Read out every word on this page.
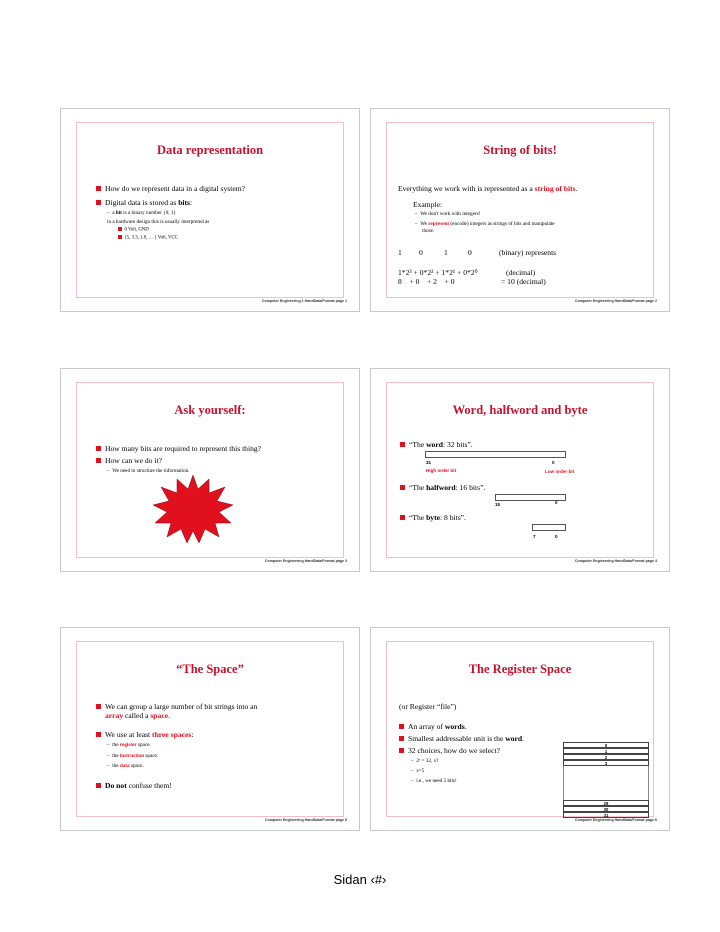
Data representation
How do we represent data in a digital system?
Digital data is stored as bits:
–  a bit is a binary number {0, 1}
in a hardware design this is usually interpreted as
0 Volt, GND
{5, 3.3, 1.8, … } Volt, VCC
Computer Engineering 1 HandData/Format page 1
String of bits!
Everything we work with is represented as a string of bits.
Example:
–  We don't work with integers!
–  We represent (encode) integers as strings of bits and manipulate
those.
1 0	1	0	(binary) represents
1*2³ + 0*2² + 1*2¹ + 0*2⁰	(decimal)
8    + 0    + 2    + 0	= 10 (decimal)
Computer Engineering HandData/Format page 2
Ask yourself:
How many bits are required to represent this thing?
How can we do it?
–  We need to structure the information.
Computer Engineering HandData/Format page 3
Word, halfword and byte
“The word: 32 bits”.
31	0
High order bit	Low order bit
“The halfword: 16 bits”.
15	0
“The byte: 8 bits”.
7	0
Computer Engineering HandData/Format page 4
“The Space”
We can group a large number of bit strings into an
array called a space.
We use at least three spaces:
–  the register space.
–  the instruction space.
–  the data space.
Do not confuse them!
Computer Engineering HandData/Format page 5
The Register Space
(or Register “file”)
An array of words.
Smallest addressable unit is the word.
32 choices, how do we select?
–  2ˣ = 32, x?
–  x=5
–  i.e., we need 5 bits!
0
1
2
3
29
30
31
Computer Engineering HandData/Format page 6
Sidan ‹#›
